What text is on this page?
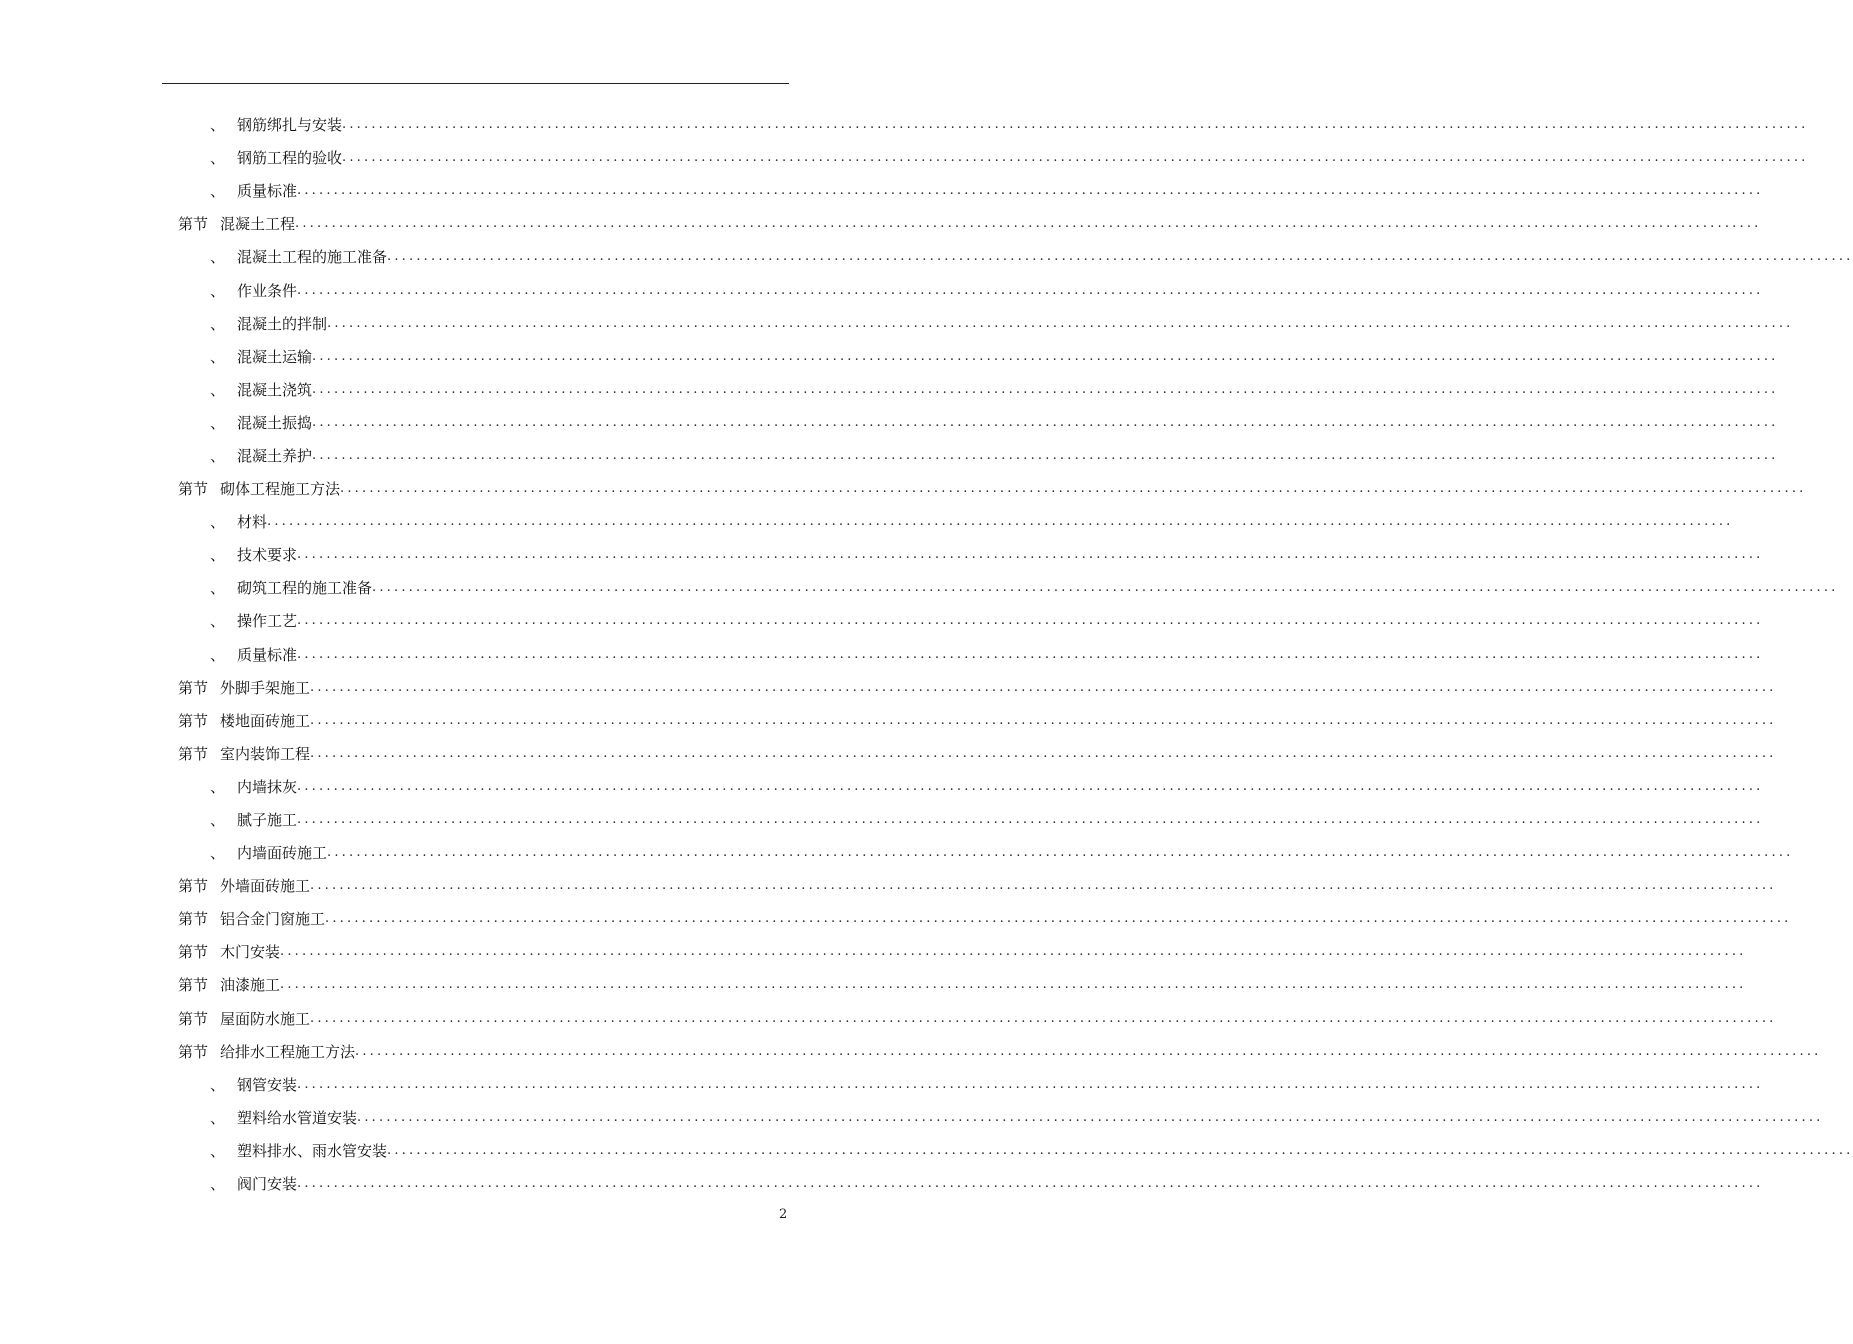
、 钢筋绑扎与安装 ........................................................................................................................................................................................................
、 钢筋工程的验收 ........................................................................................................................................................................................................
、 质量标准 ........................................................................................................................................................................................................
第节 混凝土工程 ........................................................................................................................................................................................................
、 混凝土工程的施工准备 ........................................................................................................................................................................................................
、 作业条件 ........................................................................................................................................................................................................
、 混凝土的拌制 ........................................................................................................................................................................................................
、 混凝土运输 ........................................................................................................................................................................................................
、 混凝土浇筑 ........................................................................................................................................................................................................
、 混凝土振捣 ........................................................................................................................................................................................................
、 混凝土养护 ........................................................................................................................................................................................................
第节 砌体工程施工方法 ........................................................................................................................................................................................................
、 材料 ........................................................................................................................................................................................................
、 技术要求 ........................................................................................................................................................................................................
、 砌筑工程的施工准备 ........................................................................................................................................................................................................
、 操作工艺 ........................................................................................................................................................................................................
、 质量标准 ........................................................................................................................................................................................................
第节 外脚手架施工 ........................................................................................................................................................................................................
第节 楼地面砖施工 ........................................................................................................................................................................................................
第节 室内装饰工程 ........................................................................................................................................................................................................
、 内墙抹灰 ........................................................................................................................................................................................................
、 腻子施工 ........................................................................................................................................................................................................
、 内墙面砖施工 ........................................................................................................................................................................................................
第节 外墙面砖施工 ........................................................................................................................................................................................................
第节 铝合金门窗施工 ........................................................................................................................................................................................................
第节 木门安装 ........................................................................................................................................................................................................
第节 油漆施工 ........................................................................................................................................................................................................
第节 屋面防水施工 ........................................................................................................................................................................................................
第节 给排水工程施工方法 ........................................................................................................................................................................................................
、 钢管安装 ........................................................................................................................................................................................................
、 塑料给水管道安装 ........................................................................................................................................................................................................
、 塑料排水、雨水管安装 ........................................................................................................................................................................................................
、 阀门安装 ........................................................................................................................................................................................................
2
